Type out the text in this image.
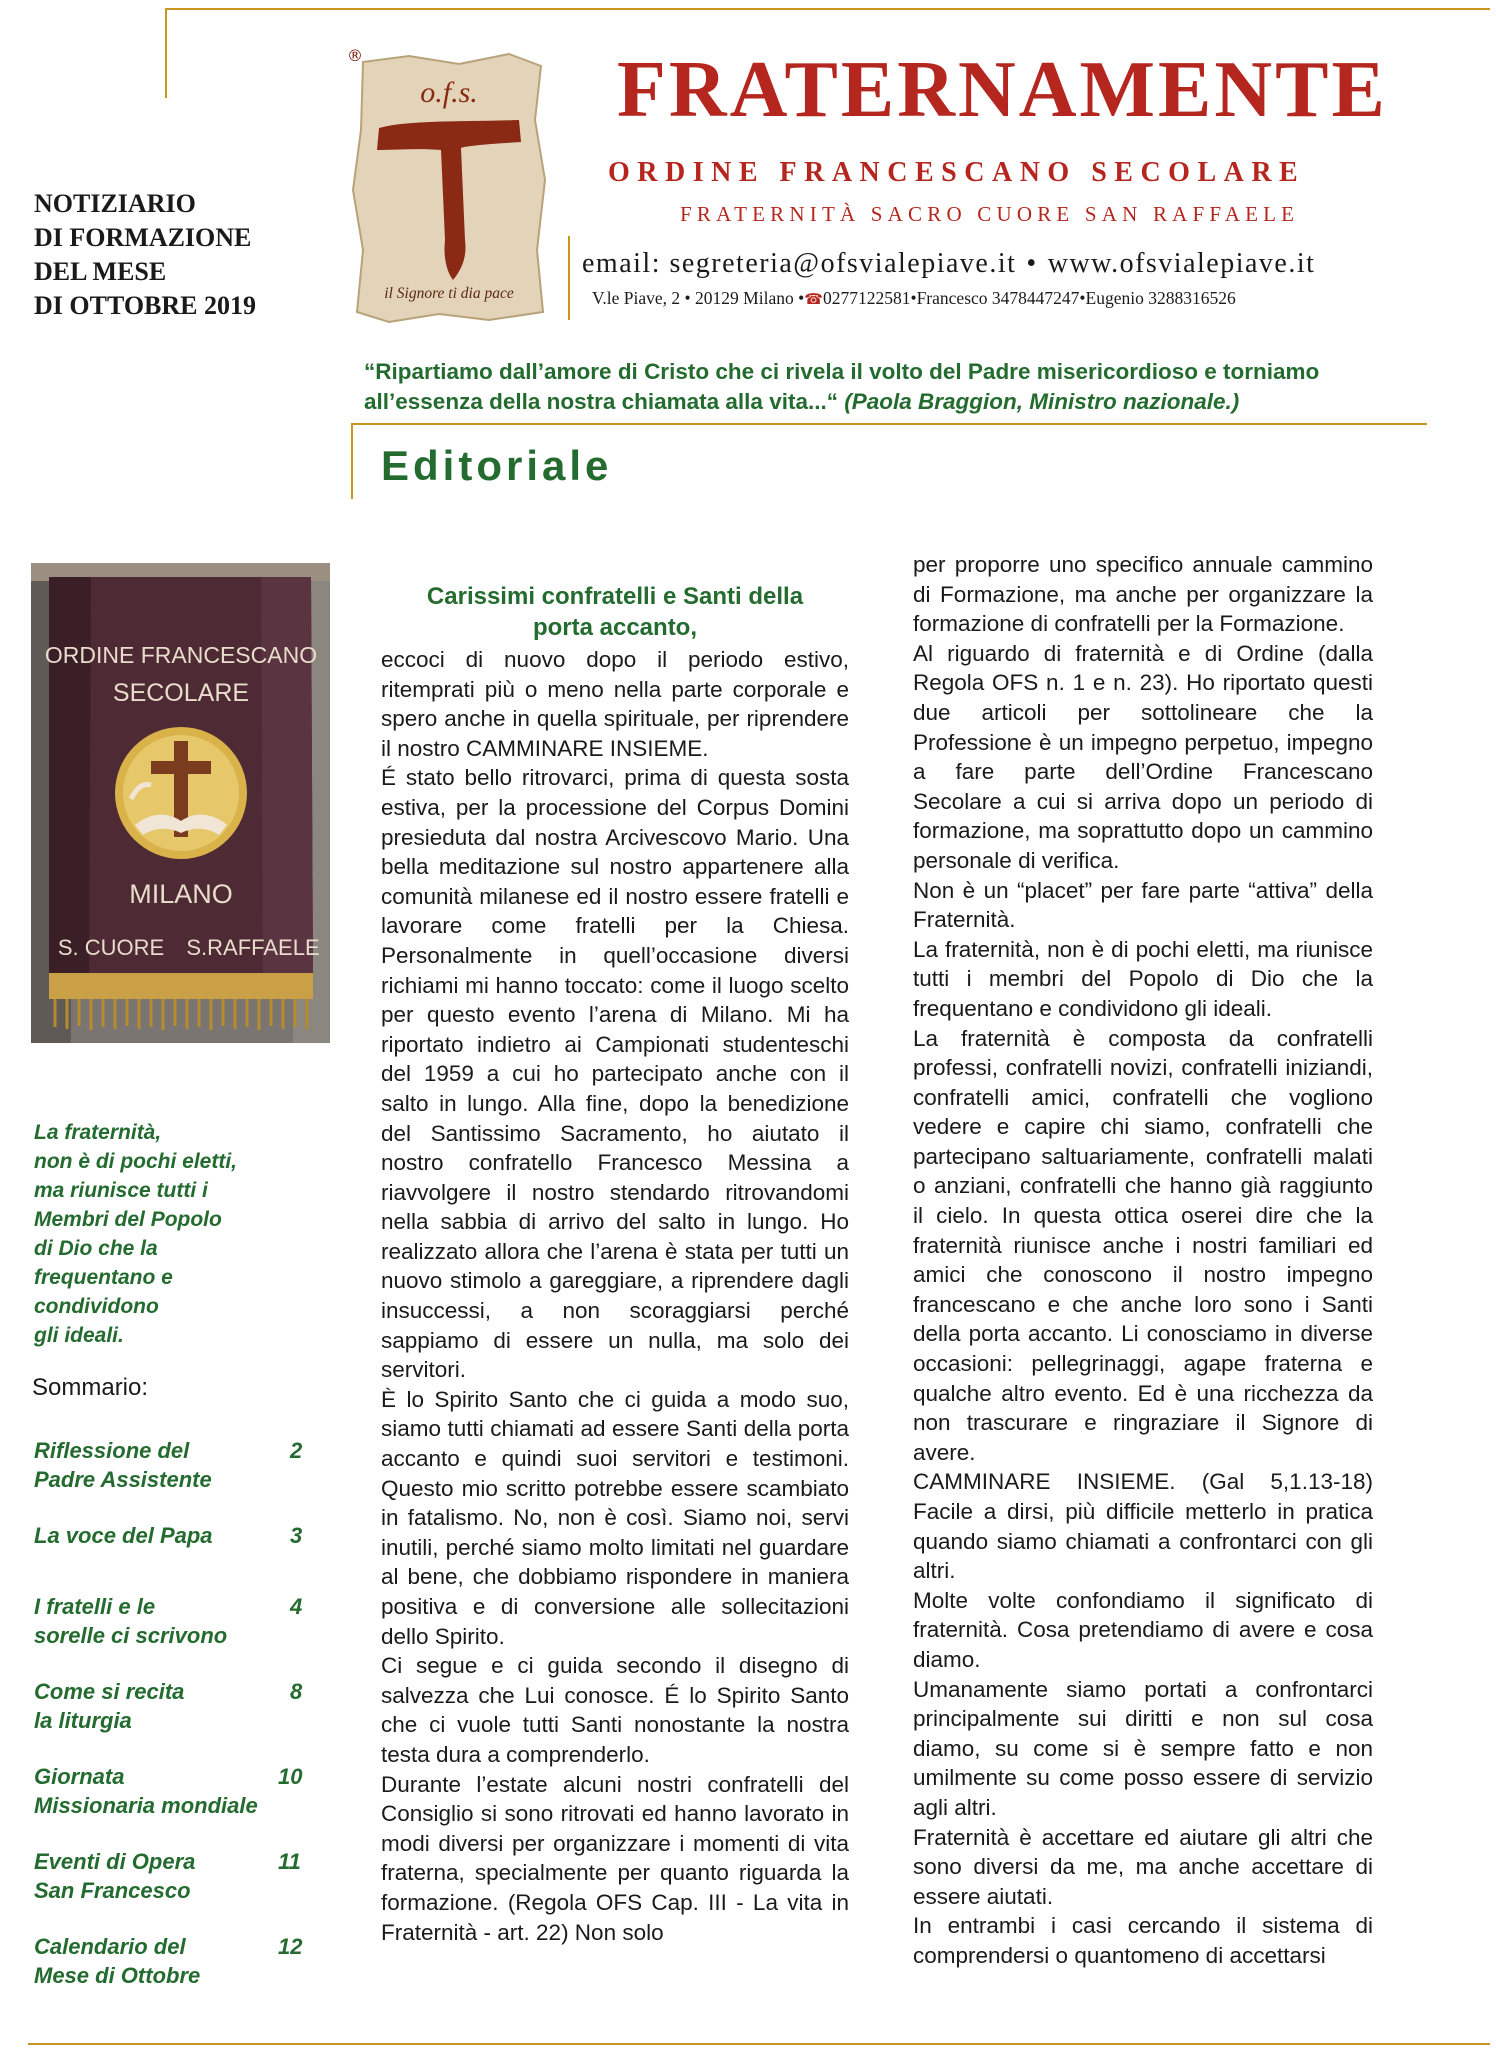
NOTIZIARIO
DI FORMAZIONE
DEL MESE
DI OTTOBRE 2019
®
o.f.s.
il Signore ti dia pace
FRATERNAMENTE
ORDINE FRANCESCANO SECOLARE
FRATERNITÀ SACRO CUORE SAN RAFFAELE
email: segreteria@ofsvialepiave.it • www.ofsvialepiave.it
V.le Piave, 2 • 20129 Milano •☎0277122581•Francesco 3478447247•Eugenio 3288316526
“Ripartiamo dall’amore di Cristo che ci rivela il volto del Padre misericordioso e torniamo all’essenza della nostra chiamata alla vita...“ (Paola Braggion, Ministro nazionale.)
Editoriale
ORDINE FRANCESCANO
SECOLARE
MILANO
S. CUORE S.RAFFAELE
La fraternità,
non è di pochi eletti,
ma riunisce tutti i
Membri del Popolo
di Dio che la
frequentano e
condividono
gli ideali.
Sommario:
Riflessione del
Padre Assistente
2
La voce del Papa	3
I fratelli e le
sorelle ci scrivono
4
Come si recita
la liturgia
8
Giornata
Missionaria mondiale
10
Eventi di Opera
San Francesco
11
Calendario del
Mese di Ottobre
12
Carissimi confratelli e Santi della
porta accanto,

eccoci di nuovo dopo il periodo estivo, ritemprati più o meno nella parte corporale e spero anche in quella spirituale, per riprendere il nostro CAMMINARE INSIEME.

É stato bello ritrovarci, prima di questa sosta estiva, per la processione del Corpus Domini presieduta dal nostra Arcivescovo Mario. Una bella meditazione sul nostro appartenere alla comunità milanese ed il nostro essere fratelli e lavorare come fratelli per la Chiesa. Personalmente in quell’occasione diversi richiami mi hanno toccato: come il luogo scelto per questo evento l’arena di Milano. Mi ha riportato indietro ai Campionati studenteschi del 1959 a cui ho partecipato anche con il salto in lungo. Alla fine, dopo la benedizione del Santissimo Sacramento, ho aiutato il nostro confratello Francesco Messina a riavvolgere il nostro stendardo ritrovandomi nella sabbia di arrivo del salto in lungo. Ho realizzato allora che l’arena è stata per tutti un nuovo stimolo a gareggiare, a riprendere dagli insuccessi, a non scoraggiarsi perché sappiamo di essere un nulla, ma solo dei servitori.

È lo Spirito Santo che ci guida a modo suo, siamo tutti chiamati ad essere Santi della porta accanto e quindi suoi servitori e testimoni. Questo mio scritto potrebbe essere scambiato in fatalismo. No, non è così. Siamo noi, servi inutili, perché siamo molto limitati nel guardare al bene, che dobbiamo rispondere in maniera positiva e di conversione alle sollecitazioni dello Spirito.

Ci segue e ci guida secondo il disegno di salvezza che Lui conosce. É lo Spirito Santo che ci vuole tutti Santi nonostante la nostra testa dura a comprenderlo.

Durante l’estate alcuni nostri confratelli del Consiglio si sono ritrovati ed hanno lavorato in modi diversi per organizzare i momenti di vita fraterna, specialmente per quanto riguarda la formazione. (Regola OFS Cap. III - La vita in Fraternità - art. 22) Non solo

per proporre uno specifico annuale cammino di Formazione, ma anche per organizzare la formazione di confratelli per la Formazione.

Al riguardo di fraternità e di Ordine (dalla Regola OFS n. 1 e n. 23). Ho riportato questi due articoli per sottolineare che la Professione è un impegno perpetuo, impegno a fare parte dell’Ordine Francescano Secolare a cui si arriva dopo un periodo di formazione, ma soprattutto dopo un cammino personale di verifica.

Non è un “placet” per fare parte “attiva” della Fraternità.

La fraternità, non è di pochi eletti, ma riunisce tutti i membri del Popolo di Dio che la frequentano e condividono gli ideali.

La fraternità è composta da confratelli professi, confratelli novizi, confratelli iniziandi, confratelli amici, confratelli che vogliono vedere e capire chi siamo, confratelli che partecipano saltuariamente, confratelli malati o anziani, confratelli che hanno già raggiunto il cielo. In questa ottica oserei dire che la fraternità riunisce anche i nostri familiari ed amici che conoscono il nostro impegno francescano e che anche loro sono i Santi della porta accanto. Li conosciamo in diverse occasioni: pellegrinaggi, agape fraterna e qualche altro evento. Ed è una ricchezza da non trascurare e ringraziare il Signore di avere.

CAMMINARE INSIEME. (Gal 5,1.13-18) Facile a dirsi, più difficile metterlo in pratica quando siamo chiamati a confrontarci con gli altri.

Molte volte confondiamo il significato di fraternità. Cosa pretendiamo di avere e cosa diamo.

Umanamente siamo portati a confrontarci principalmente sui diritti e non sul cosa diamo, su come si è sempre fatto e non umilmente su come posso essere di servizio agli altri.

Fraternità è accettare ed aiutare gli altri che sono diversi da me, ma anche accettare di essere aiutati.

In entrambi i casi cercando il sistema di comprendersi o quantomeno di accettarsi
